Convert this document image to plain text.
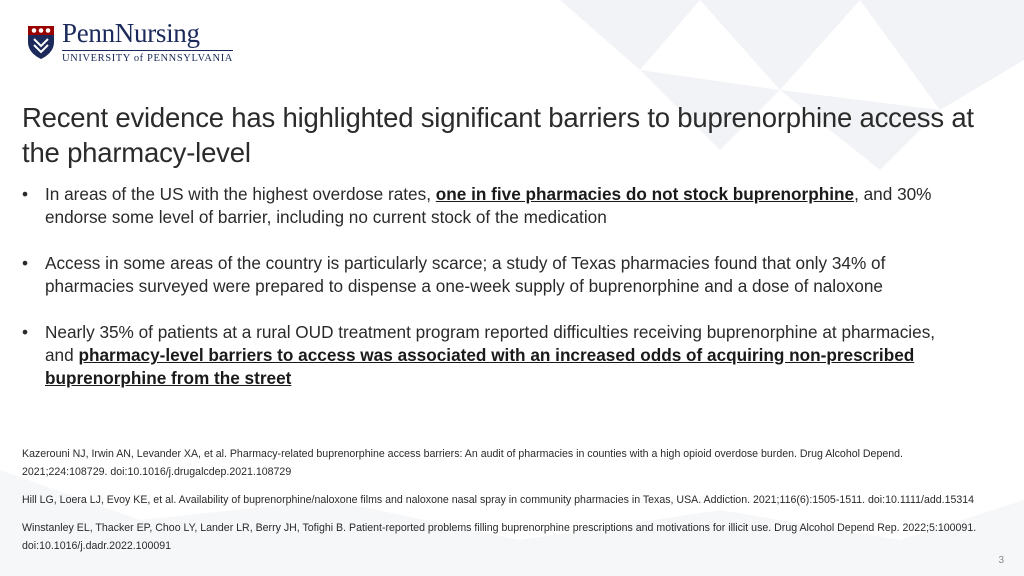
PennNursing
UNIVERSITY of PENNSYLVANIA
Recent evidence has highlighted significant barriers to buprenorphine access at the pharmacy-level
• In areas of the US with the highest overdose rates, one in five pharmacies do not stock buprenorphine, and 30% endorse some level of barrier, including no current stock of the medication
• Access in some areas of the country is particularly scarce; a study of Texas pharmacies found that only 34% of pharmacies surveyed were prepared to dispense a one-week supply of buprenorphine and a dose of naloxone
• Nearly 35% of patients at a rural OUD treatment program reported difficulties receiving buprenorphine at pharmacies, and pharmacy-level barriers to access was associated with an increased odds of acquiring non-prescribed buprenorphine from the street

Kazerouni NJ, Irwin AN, Levander XA, et al. Pharmacy-related buprenorphine access barriers: An audit of pharmacies in counties with a high opioid overdose burden. Drug Alcohol Depend. 2021;224:108729. doi:10.1016/j.drugalcdep.2021.108729

Hill LG, Loera LJ, Evoy KE, et al. Availability of buprenorphine/naloxone films and naloxone nasal spray in community pharmacies in Texas, USA. Addiction. 2021;116(6):1505-1511. doi:10.1111/add.15314

Winstanley EL, Thacker EP, Choo LY, Lander LR, Berry JH, Tofighi B. Patient-reported problems filling buprenorphine prescriptions and motivations for illicit use. Drug Alcohol Depend Rep. 2022;5:100091. doi:10.1016/j.dadr.2022.100091

3
